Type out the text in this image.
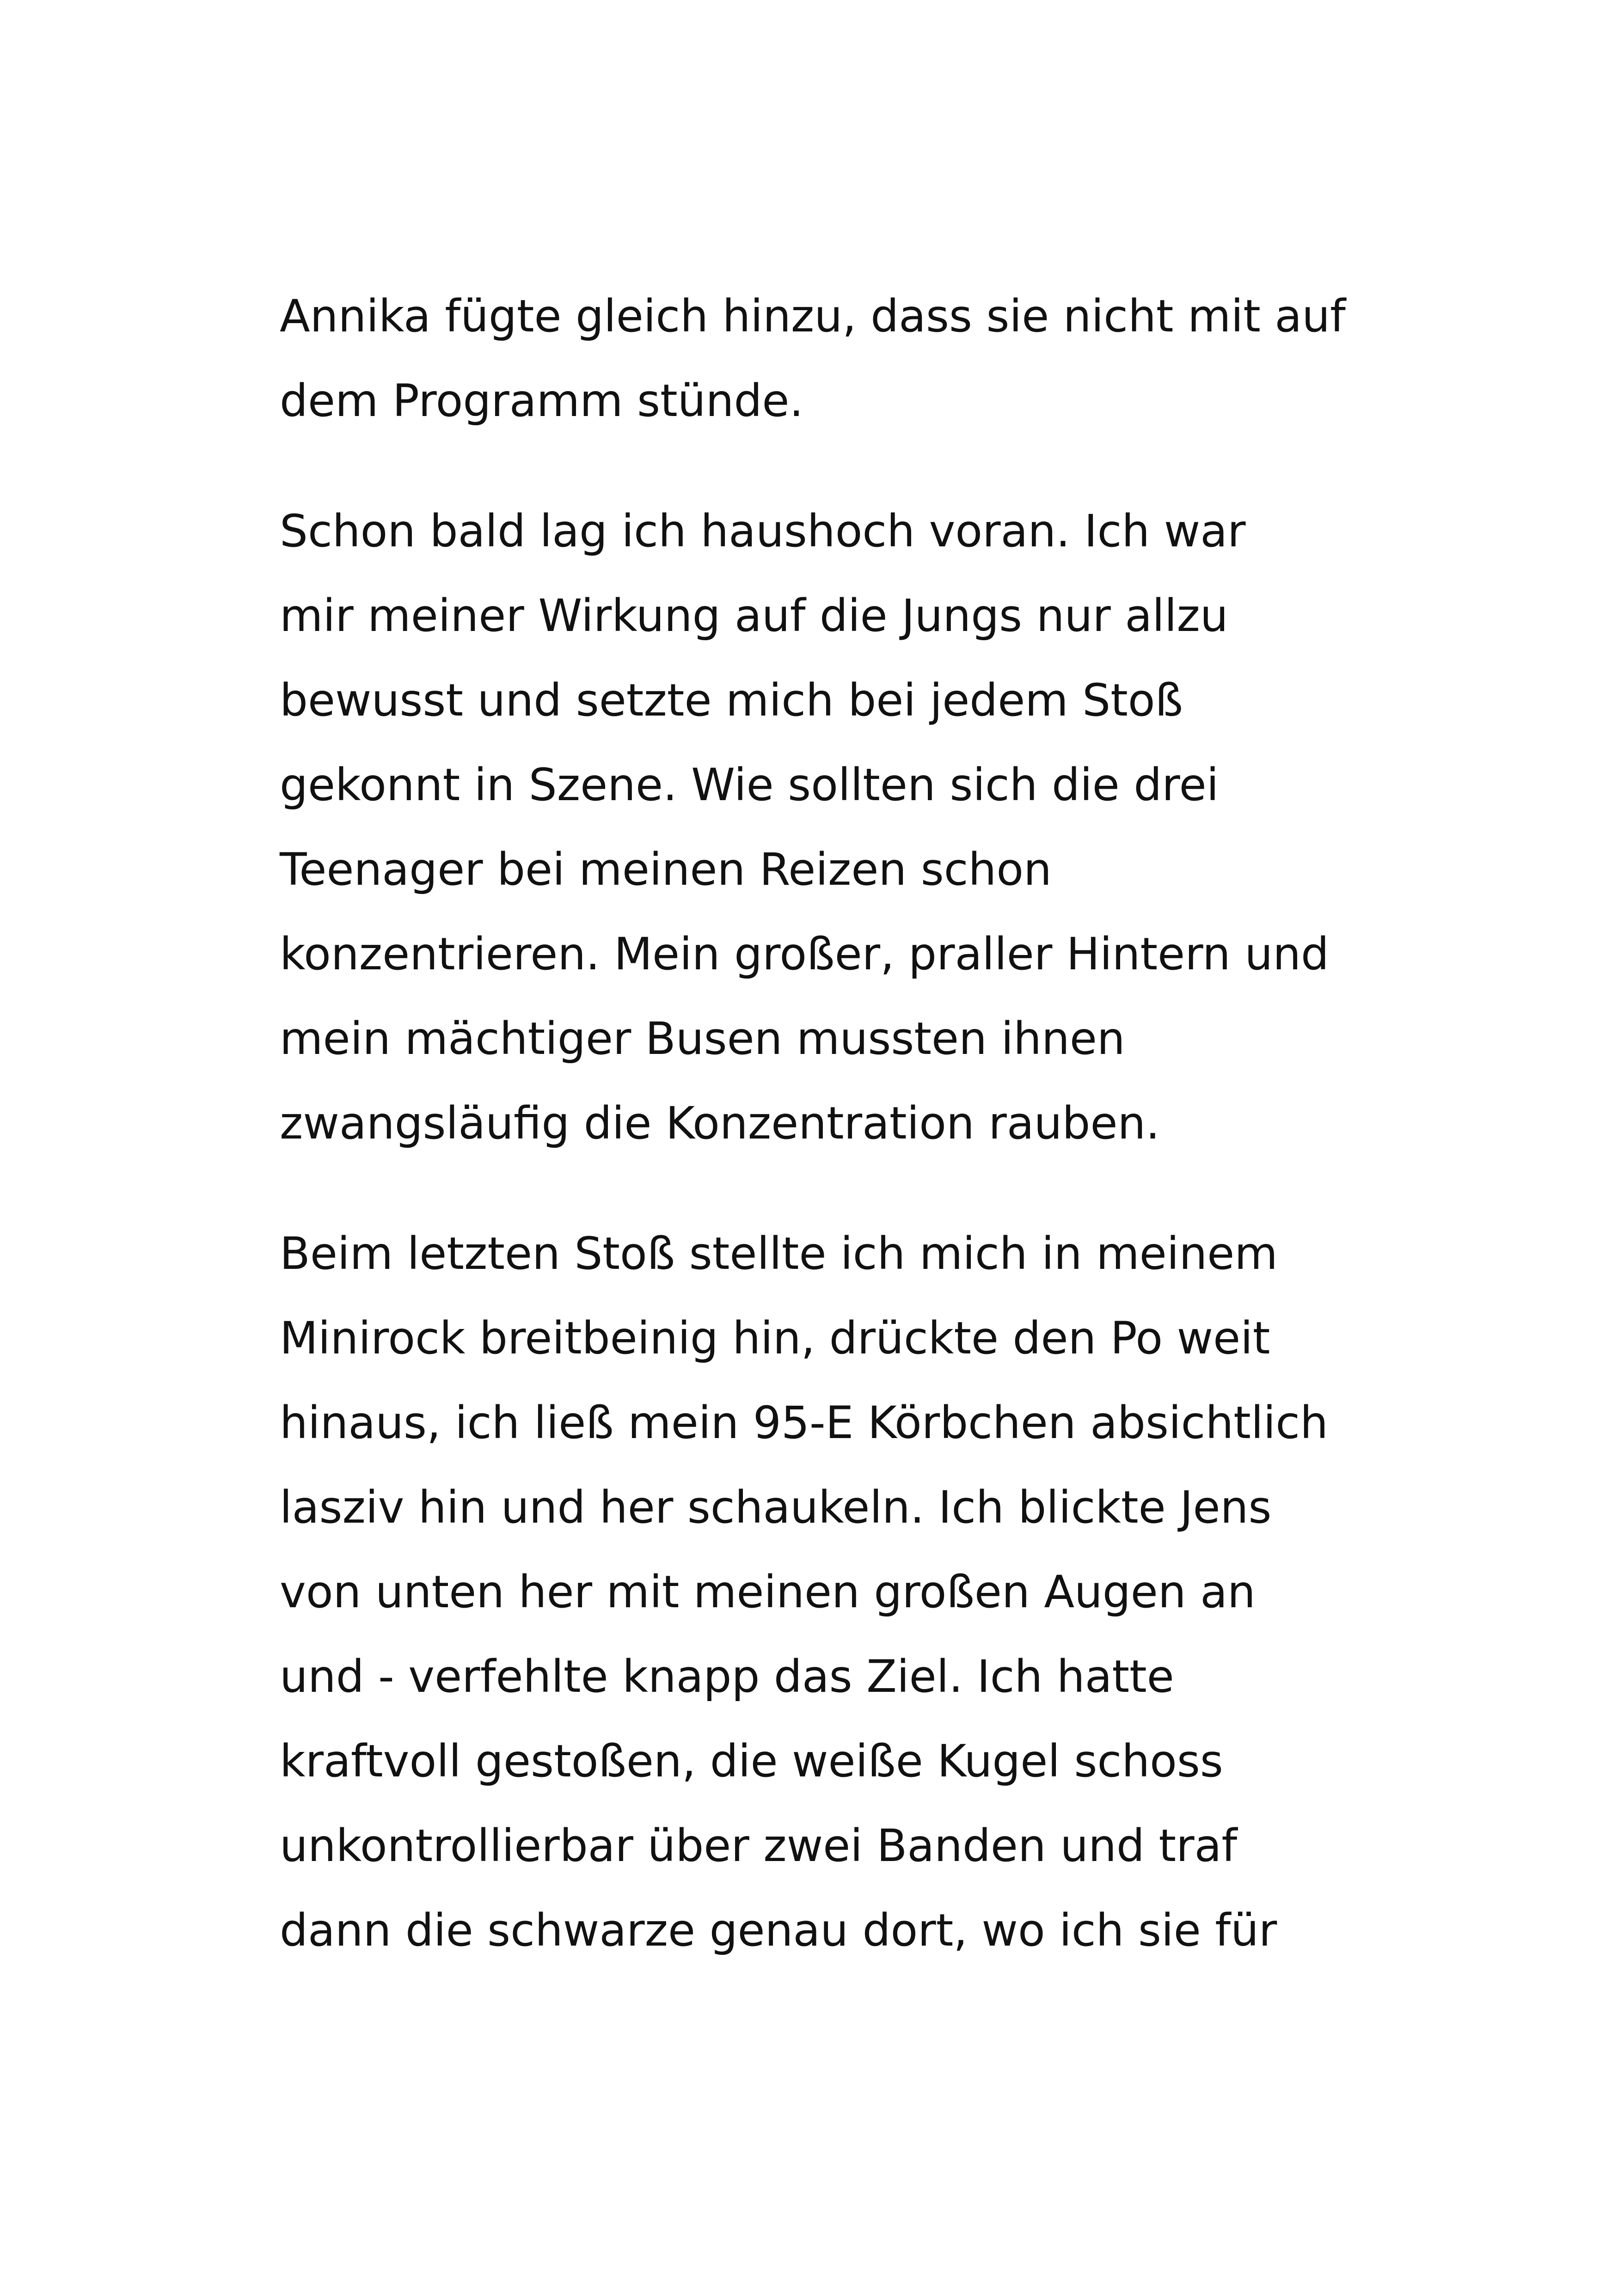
Annika fügte gleich hinzu, dass sie nicht mit auf
dem Programm stünde.
Schon bald lag ich haushoch voran. Ich war
mir meiner Wirkung auf die Jungs nur allzu
bewusst und setzte mich bei jedem Stoß
gekonnt in Szene. Wie sollten sich die drei
Teenager bei meinen Reizen schon
konzentrieren. Mein großer, praller Hintern und
mein mächtiger Busen mussten ihnen
zwangsläufig die Konzentration rauben.
Beim letzten Stoß stellte ich mich in meinem
Minirock breitbeinig hin, drückte den Po weit
hinaus, ich ließ mein 95-E Körbchen absichtlich
lasziv hin und her schaukeln. Ich blickte Jens
von unten her mit meinen großen Augen an
und - verfehlte knapp das Ziel. Ich hatte
kraftvoll gestoßen, die weiße Kugel schoss
unkontrollierbar über zwei Banden und traf
dann die schwarze genau dort, wo ich sie für
